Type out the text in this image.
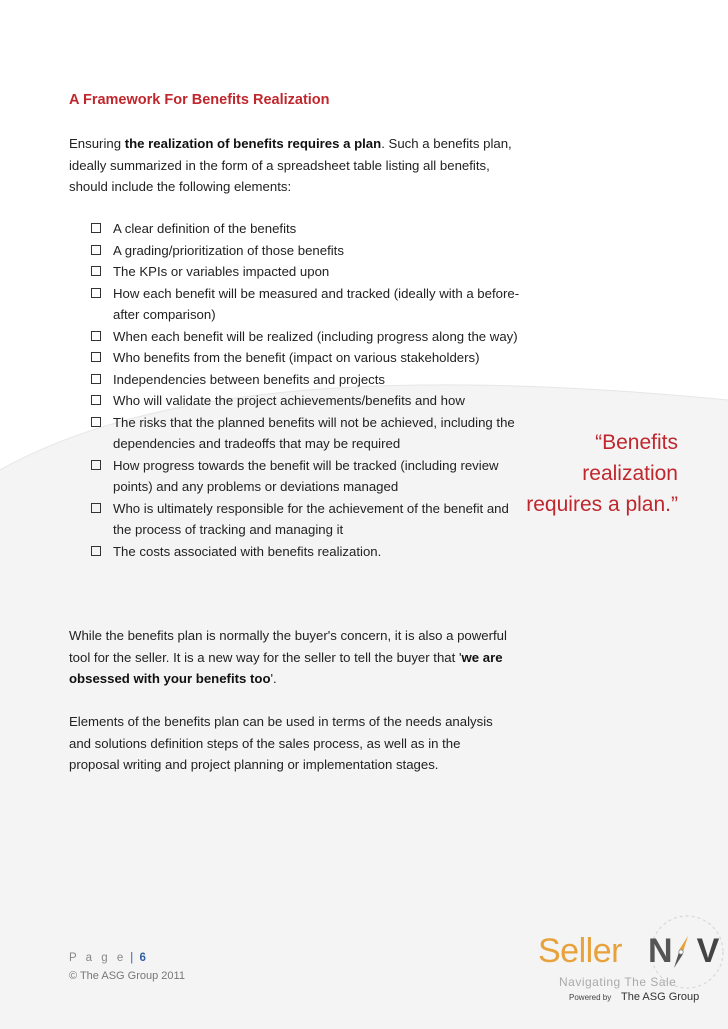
A Framework For Benefits Realization

Ensuring the realization of benefits requires a plan. Such a benefits plan, ideally summarized in the form of a spreadsheet table listing all benefits, should include the following elements:

A clear definition of the benefits
A grading/prioritization of those benefits
The KPIs or variables impacted upon
How each benefit will be measured and tracked (ideally with a before-after comparison)
When each benefit will be realized (including progress along the way)
Who benefits from the benefit (impact on various stakeholders)
Independencies between benefits and projects
Who will validate the project achievements/benefits and how
The risks that the planned benefits will not be achieved, including the dependencies and tradeoffs that may be required
How progress towards the benefit will be tracked (including review points) and any problems or deviations managed
Who is ultimately responsible for the achievement of the benefit and the process of tracking and managing it
The costs associated with benefits realization.

While the benefits plan is normally the buyer's concern, it is also a powerful tool for the seller. It is a new way for the seller to tell the buyer that 'we are obsessed with your benefits too'.

Elements of the benefits plan can be used in terms of the needs analysis and solutions definition steps of the sales process, as well as in the proposal writing and project planning or implementation stages.

“Benefits realization requires a plan.”
P a g e | 6
© The ASG Group 2011
Seller N V
Navigating The Sale
Powered by The ASG Group
